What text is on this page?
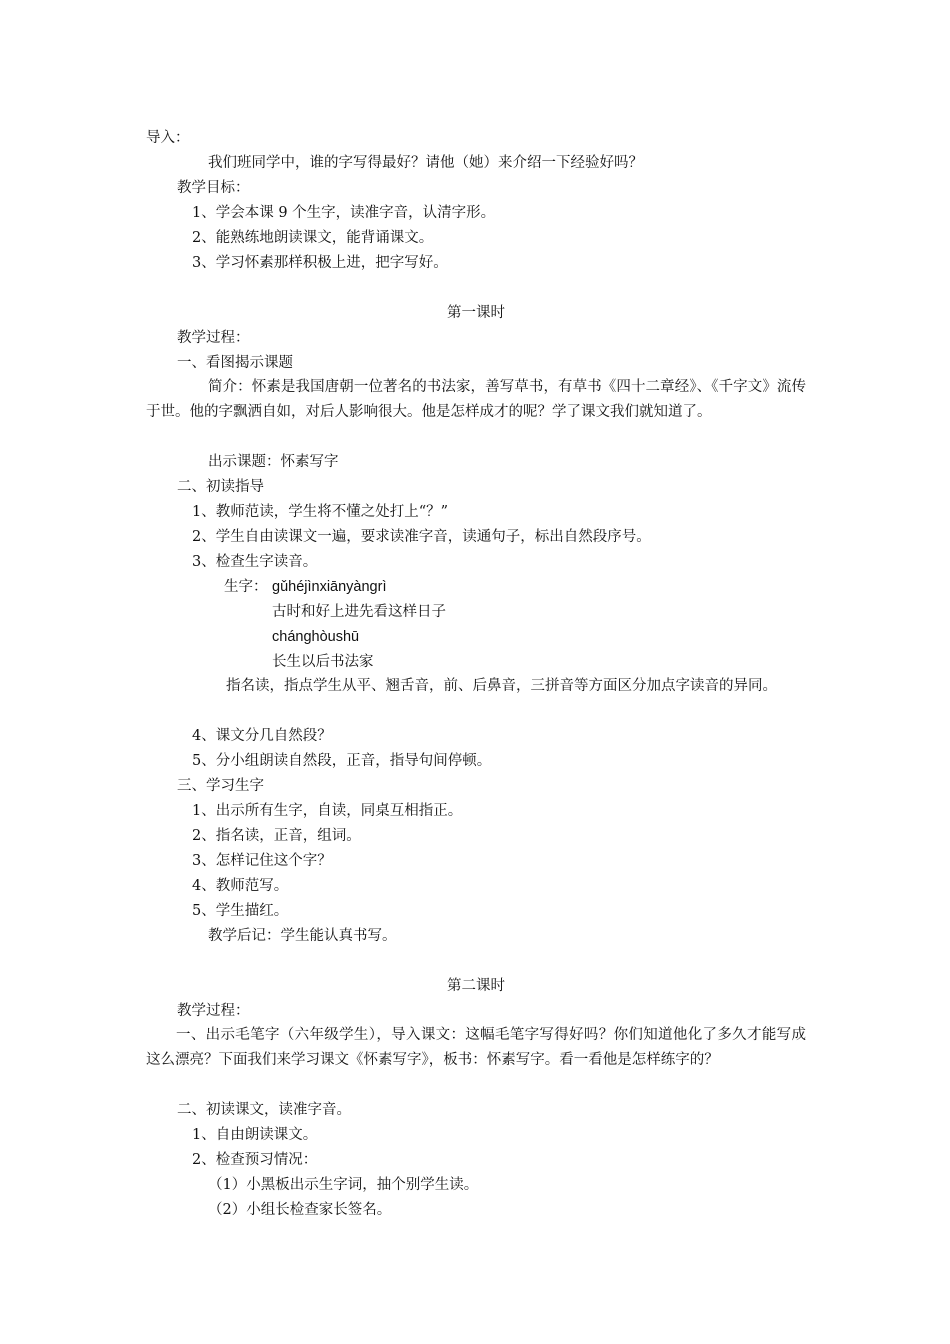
导入：
我们班同学中，谁的字写得最好？请他（她）来介绍一下经验好吗？
教学目标：
1、学会本课 9 个生字，读准字音，认清字形。
2、能熟练地朗读课文，能背诵课文。
3、学习怀素那样积极上进，把字写好。
第一课时
教学过程：
一、看图揭示课题
简介：怀素是我国唐朝一位著名的书法家，善写草书，有草书《四十二章经》、《千字文》流传于世。他的字飘洒自如，对后人影响很大。他是怎样成才的呢？学了课文我们就知道了。
出示课题：怀素写字
二、初读指导
1、教师范读，学生将不懂之处打上“？”
2、学生自由读课文一遍，要求读准字音，读通句子，标出自然段序号。
3、检查生字读音。
生字： gǔhéjìnxiānyàngrì
古时和好上进先看这样日子
chánghòushū
长生以后书法家
指名读，指点学生从平、翘舌音，前、后鼻音，三拼音等方面区分加点字读音的异同。
4、课文分几自然段？
5、分小组朗读自然段，正音，指导句间停顿。
三、学习生字
1、出示所有生字，自读，同桌互相指正。
2、指名读，正音，组词。
3、怎样记住这个字？
4、教师范写。
5、学生描红。
教学后记：学生能认真书写。
第二课时
教学过程：
一、出示毛笔字（六年级学生），导入课文：这幅毛笔字写得好吗？你们知道他化了多久才能写成这么漂亮？下面我们来学习课文《怀素写字》，板书：怀素写字。看一看他是怎样练字的？
二、初读课文，读准字音。
1、自由朗读课文。
2、检查预习情况：
（1）小黑板出示生字词，抽个别学生读。
（2）小组长检查家长签名。
